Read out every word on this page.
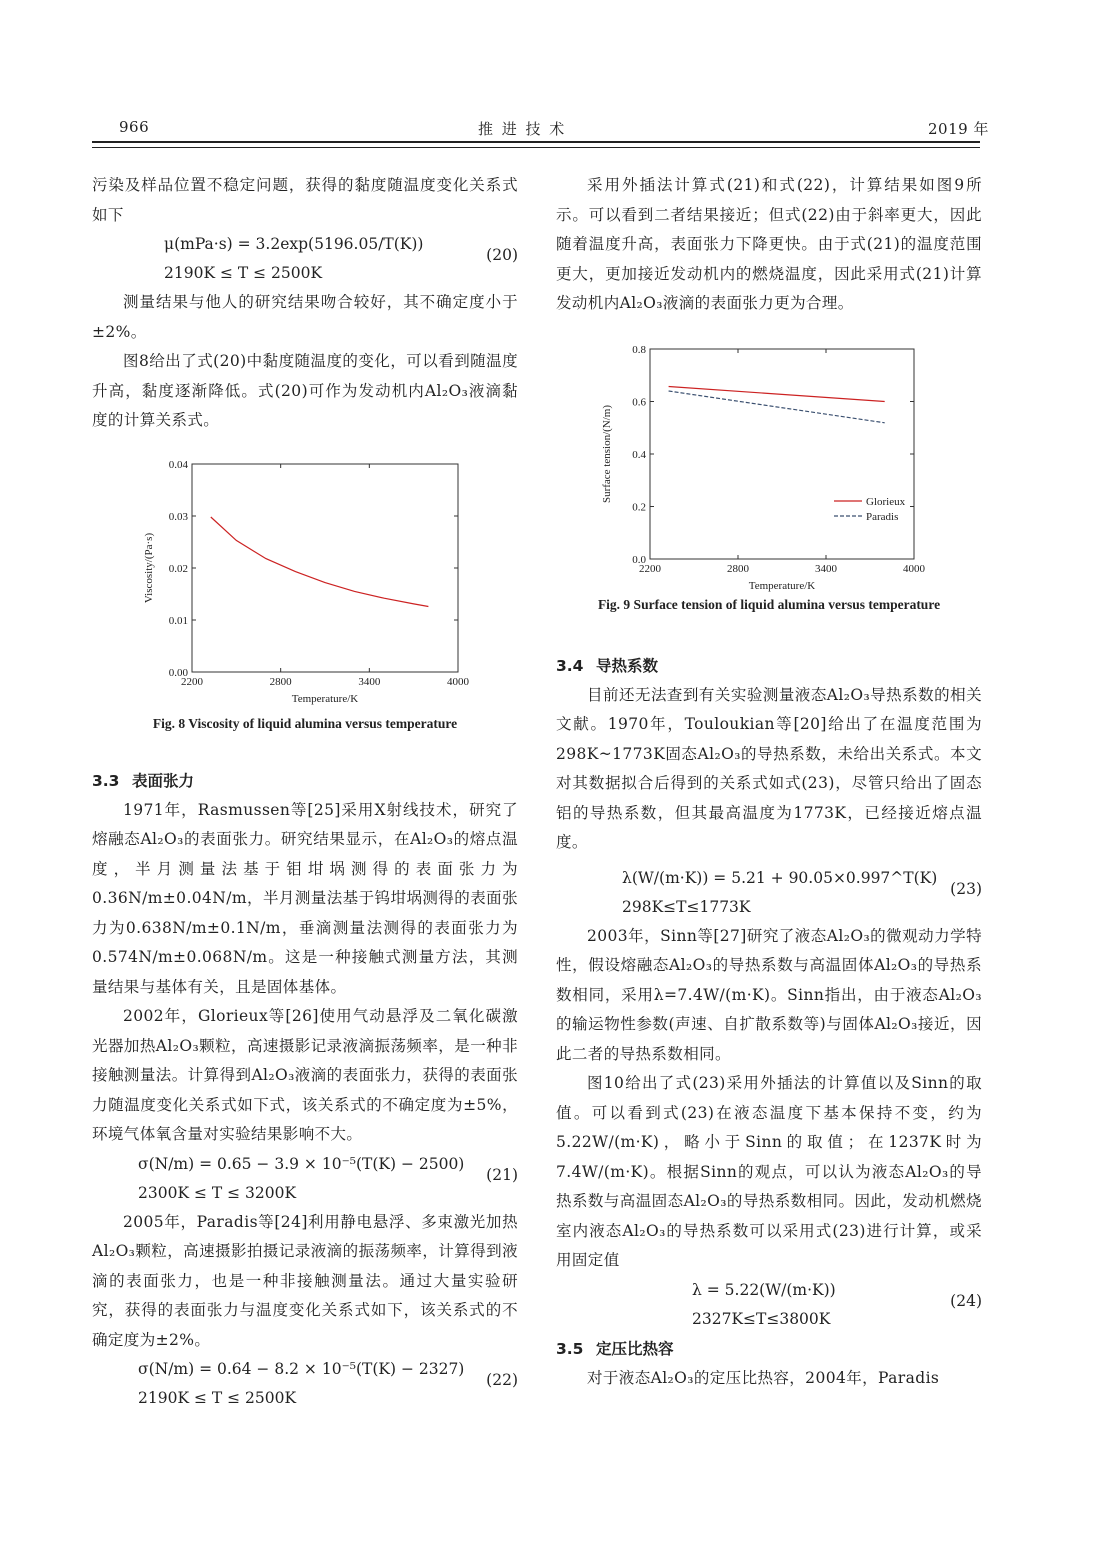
966	推 进 技 术	2019 年

污染及样品位置不稳定问题，获得的黏度随温度变化关系式如下

μ(mPa·s) = 3.2exp(5196.05/T(K))
2190K ≤ T ≤ 2500K
(20)

测量结果与他人的研究结果吻合较好，其不确定度小于±2%。

图8给出了式(20)中黏度随温度的变化，可以看到随温度升高，黏度逐渐降低。式(20)可作为发动机内Al₂O₃液滴黏度的计算关系式。

2200	2800	3400	4000
0.00
0.01
0.02
0.03
0.04
Temperature/K
Viscosity/(Pa·s)

Fig. 8 Viscosity of liquid alumina versus temperature

3.3 表面张力

1971年，Rasmussen等[25]采用X射线技术，研究了熔融态Al₂O₃的表面张力。研究结果显示，在Al₂O₃的熔点温度，半月测量法基于钼坩埚测得的表面张力为0.36N/m±0.04N/m，半月测量法基于钨坩埚测得的表面张力为0.638N/m±0.1N/m，垂滴测量法测得的表面张力为0.574N/m±0.068N/m。这是一种接触式测量方法，其测量结果与基体有关，且是固体基体。

2002年，Glorieux等[26]使用气动悬浮及二氧化碳激光器加热Al₂O₃颗粒，高速摄影记录液滴振荡频率，是一种非接触测量法。计算得到Al₂O₃液滴的表面张力，获得的表面张力随温度变化关系式如下式，该关系式的不确定度为±5%，环境气体氧含量对实验结果影响不大。

σ(N/m) = 0.65 − 3.9 × 10⁻⁵(T(K) − 2500)
2300K ≤ T ≤ 3200K
(21)

2005年，Paradis等[24]利用静电悬浮、多束激光加热Al₂O₃颗粒，高速摄影拍摄记录液滴的振荡频率，计算得到液滴的表面张力，也是一种非接触测量法。通过大量实验研究，获得的表面张力与温度变化关系式如下，该关系式的不确定度为±2%。

σ(N/m) = 0.64 − 8.2 × 10⁻⁵(T(K) − 2327)
2190K ≤ T ≤ 2500K
(22)

采用外插法计算式(21)和式(22)，计算结果如图9所示。可以看到二者结果接近；但式(22)由于斜率更大，因此随着温度升高，表面张力下降更快。由于式(21)的温度范围更大，更加接近发动机内的燃烧温度，因此采用式(21)计算发动机内Al₂O₃液滴的表面张力更为合理。

2200	2800	3400	4000
0.0
0.2
0.4
0.6
0.8
Temperature/K
Surface tension/(N/m)	Glorieux
Paradis

Fig. 9 Surface tension of liquid alumina versus temperature

3.4 导热系数

目前还无法查到有关实验测量液态Al₂O₃导热系数的相关文献。1970年，Touloukian等[20]给出了在温度范围为298K~1773K固态Al₂O₃的导热系数，未给出关系式。本文对其数据拟合后得到的关系式如式(23)，尽管只给出了固态铝的导热系数，但其最高温度为1773K，已经接近熔点温度。

λ(W/(m·K)) = 5.21 + 90.05×0.997^T(K)
298K≤T≤1773K
(23)

2003年，Sinn等[27]研究了液态Al₂O₃的微观动力学特性，假设熔融态Al₂O₃的导热系数与高温固体Al₂O₃的导热系数相同，采用λ=7.4W/(m·K)。Sinn指出，由于液态Al₂O₃的输运物性参数(声速、自扩散系数等)与固体Al₂O₃接近，因此二者的导热系数相同。

图10给出了式(23)采用外插法的计算值以及Sinn的取值。可以看到式(23)在液态温度下基本保持不变，约为5.22W/(m·K)，略小于Sinn的取值；在1237K时为7.4W/(m·K)。根据Sinn的观点，可以认为液态Al₂O₃的导热系数与高温固态Al₂O₃的导热系数相同。因此，发动机燃烧室内液态Al₂O₃的导热系数可以采用式(23)进行计算，或采用固定值

λ = 5.22(W/(m·K))
2327K≤T≤3800K
(24)

3.5 定压比热容

对于液态Al₂O₃的定压比热容，2004年，Paradis
